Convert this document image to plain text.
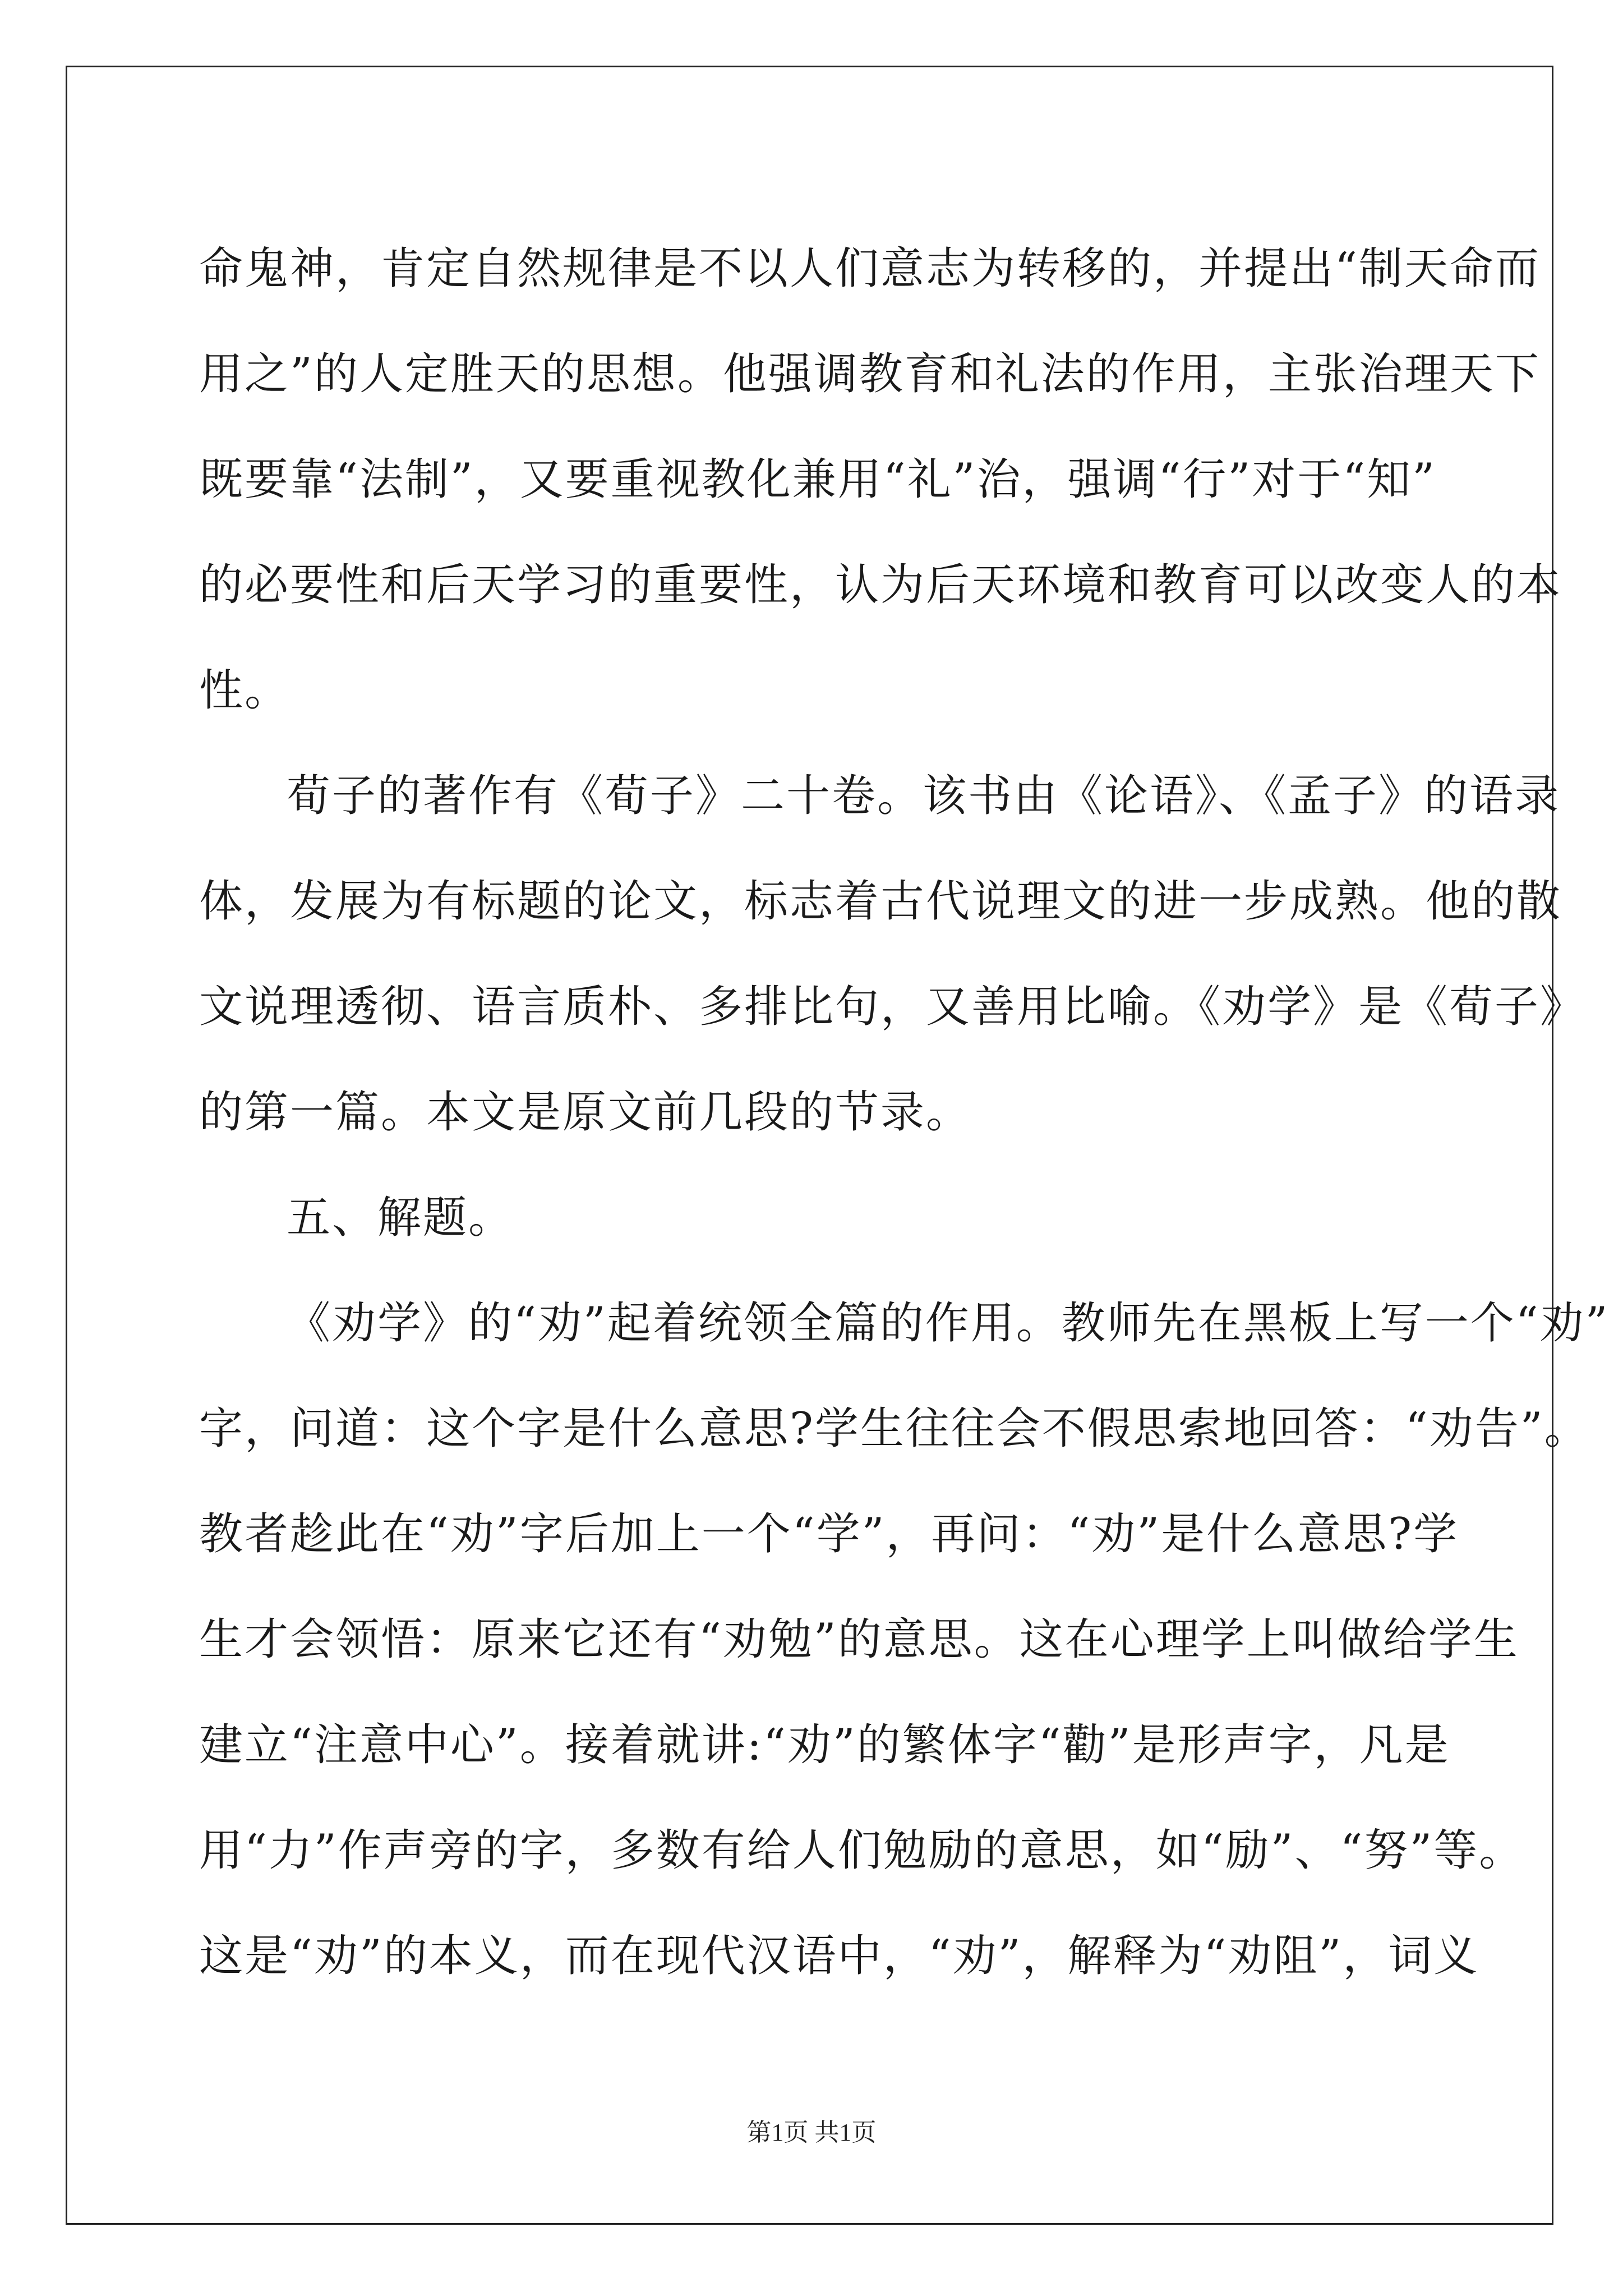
命鬼神，肯定自然规律是不以人们意志为转移的，并提出“制天命而
用之”的人定胜天的思想。他强调教育和礼法的作用，主张治理天下
既要靠“法制”，又要重视教化兼用“礼”治，强调“行”对于“知”
的必要性和后天学习的重要性，认为后天环境和教育可以改变人的本
性。
荀子的著作有《荀子》二十卷。该书由《论语》、《孟子》的语录
体，发展为有标题的论文，标志着古代说理文的进一步成熟。他的散
文说理透彻、语言质朴、多排比句，又善用比喻。《劝学》是《荀子》
的第一篇。本文是原文前几段的节录。
五、解题。
《劝学》的“劝”起着统领全篇的作用。教师先在黑板上写一个“劝”
字，问道：这个字是什么意思?学生往往会不假思索地回答：“劝告”。
教者趁此在“劝”字后加上一个“学”，再问：“劝”是什么意思?学
生才会领悟：原来它还有“劝勉”的意思。这在心理学上叫做给学生
建立“注意中心”。接着就讲:“劝”的繁体字“勸”是形声字，凡是
用“力”作声旁的字，多数有给人们勉励的意思，如“励”、“努”等。
这是“劝”的本义，而在现代汉语中，“劝”，解释为“劝阻”，词义
第1页 共1页
